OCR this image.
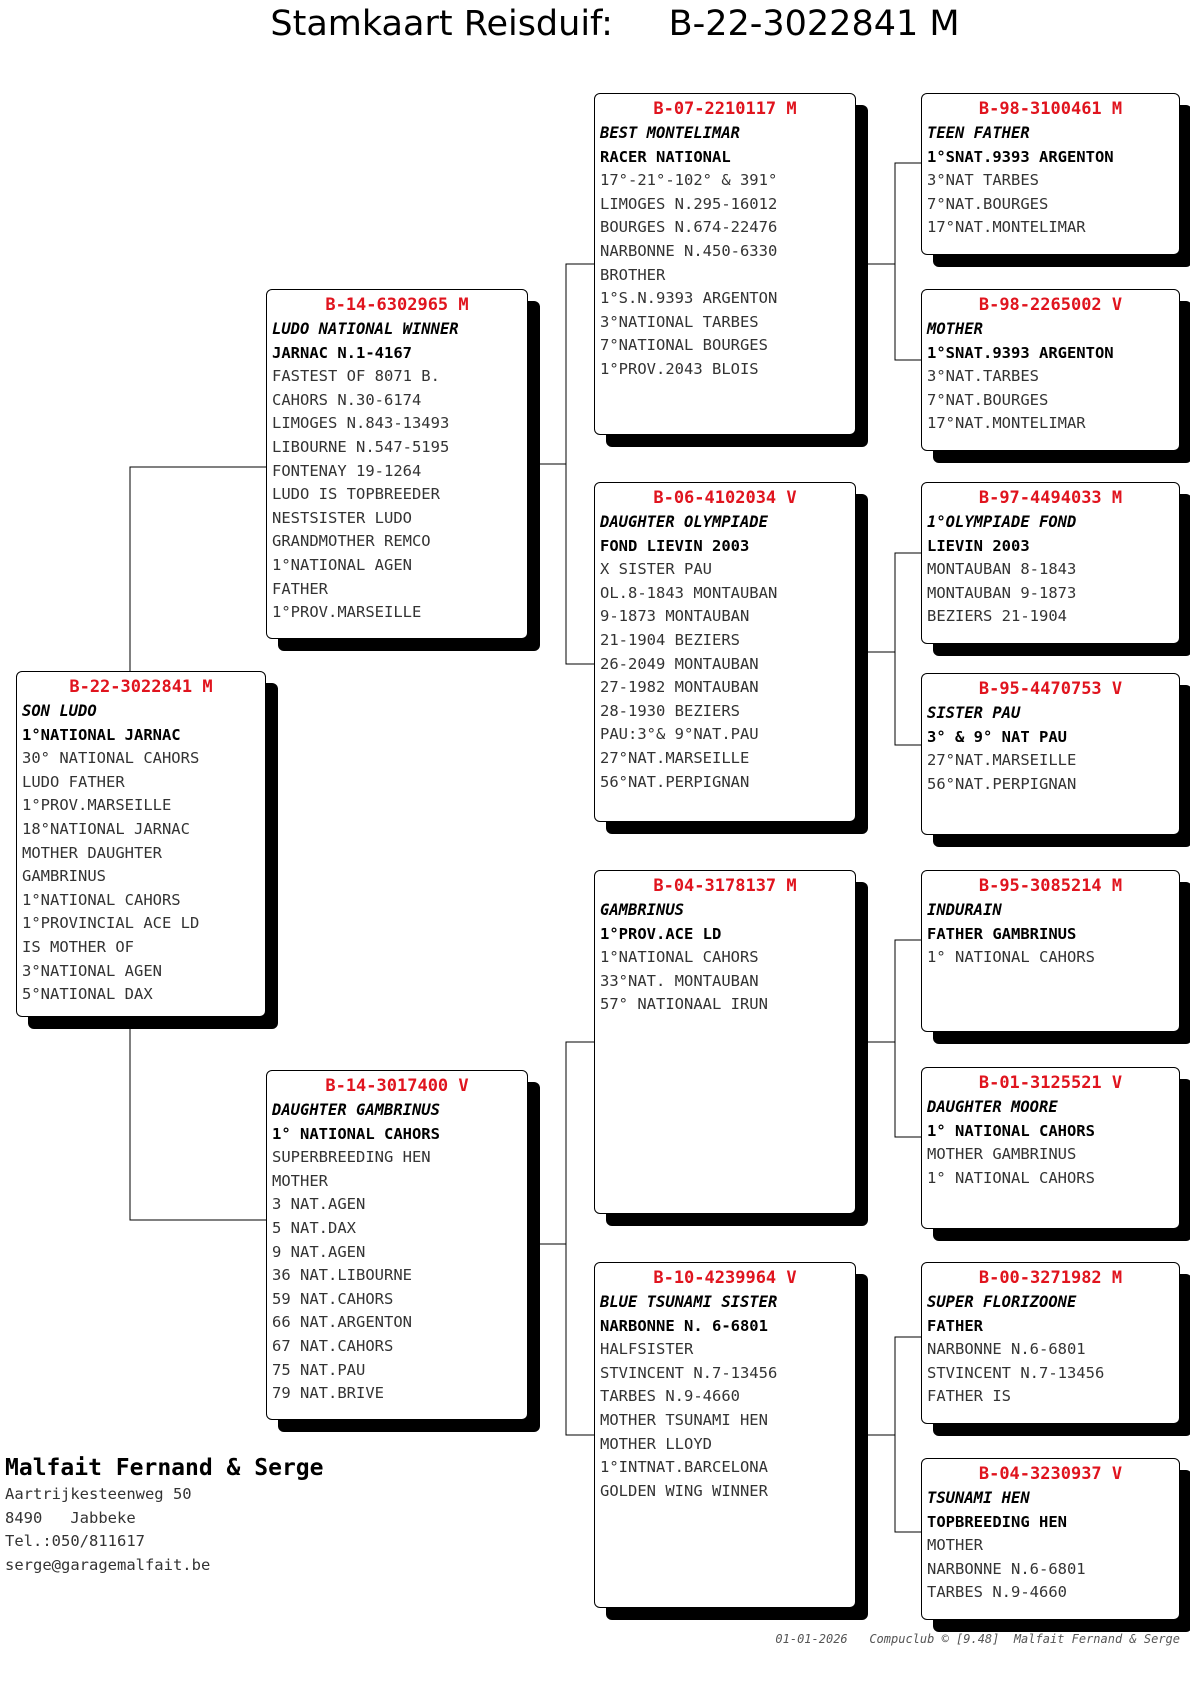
Stamkaart Reisduif: B-22-3022841 M
B-22-3022841 M
SON LUDO
1°NATIONAL JARNAC
30° NATIONAL CAHORS
LUDO FATHER
1°PROV.MARSEILLE
18°NATIONAL JARNAC
MOTHER DAUGHTER
GAMBRINUS
1°NATIONAL CAHORS
1°PROVINCIAL ACE LD
IS MOTHER OF
3°NATIONAL AGEN
5°NATIONAL DAX
B-14-6302965 M
LUDO NATIONAL WINNER
JARNAC N.1-4167
FASTEST OF 8071 B.
CAHORS N.30-6174
LIMOGES N.843-13493
LIBOURNE N.547-5195
FONTENAY 19-1264
LUDO IS TOPBREEDER
NESTSISTER LUDO
GRANDMOTHER REMCO
1°NATIONAL AGEN
FATHER
1°PROV.MARSEILLE
B-14-3017400 V
DAUGHTER GAMBRINUS
1° NATIONAL CAHORS
SUPERBREEDING HEN
MOTHER
3 NAT.AGEN
5 NAT.DAX
9 NAT.AGEN
36 NAT.LIBOURNE
59 NAT.CAHORS
66 NAT.ARGENTON
67 NAT.CAHORS
75 NAT.PAU
79 NAT.BRIVE
B-07-2210117 M
BEST MONTELIMAR
RACER NATIONAL
17°-21°-102° & 391°
LIMOGES N.295-16012
BOURGES N.674-22476
NARBONNE N.450-6330
BROTHER
1°S.N.9393 ARGENTON
3°NATIONAL TARBES
7°NATIONAL BOURGES
1°PROV.2043 BLOIS
B-06-4102034 V
DAUGHTER OLYMPIADE
FOND LIEVIN 2003
X SISTER PAU
OL.8-1843 MONTAUBAN
9-1873 MONTAUBAN
21-1904 BEZIERS
26-2049 MONTAUBAN
27-1982 MONTAUBAN
28-1930 BEZIERS
PAU:3°& 9°NAT.PAU
27°NAT.MARSEILLE
56°NAT.PERPIGNAN
B-04-3178137 M
GAMBRINUS
1°PROV.ACE LD
1°NATIONAL CAHORS
33°NAT. MONTAUBAN
57° NATIONAAL IRUN
B-10-4239964 V
BLUE TSUNAMI SISTER
NARBONNE N. 6-6801
HALFSISTER
STVINCENT N.7-13456
TARBES N.9-4660
MOTHER TSUNAMI HEN
MOTHER LLOYD
1°INTNAT.BARCELONA
GOLDEN WING WINNER
B-98-3100461 M
TEEN FATHER
1°SNAT.9393 ARGENTON
3°NAT TARBES
7°NAT.BOURGES
17°NAT.MONTELIMAR
B-98-2265002 V
MOTHER
1°SNAT.9393 ARGENTON
3°NAT.TARBES
7°NAT.BOURGES
17°NAT.MONTELIMAR
B-97-4494033 M
1°OLYMPIADE FOND
LIEVIN 2003
MONTAUBAN 8-1843
MONTAUBAN 9-1873
BEZIERS 21-1904
B-95-4470753 V
SISTER PAU
3° & 9° NAT PAU
27°NAT.MARSEILLE
56°NAT.PERPIGNAN
B-95-3085214 M
INDURAIN
FATHER GAMBRINUS
1° NATIONAL CAHORS
B-01-3125521 V
DAUGHTER MOORE
1° NATIONAL CAHORS
MOTHER GAMBRINUS
1° NATIONAL CAHORS
B-00-3271982 M
SUPER FLORIZOONE
FATHER
NARBONNE N.6-6801
STVINCENT N.7-13456
FATHER IS
B-04-3230937 V
TSUNAMI HEN
TOPBREEDING HEN
MOTHER
NARBONNE N.6-6801
TARBES N.9-4660
Malfait Fernand & Serge
Aartrijkesteenweg 50
8490   Jabbeke
Tel.:050/811617
serge@garagemalfait.be
01-01-2026 Compuclub © [9.48] Malfait Fernand & Serge
